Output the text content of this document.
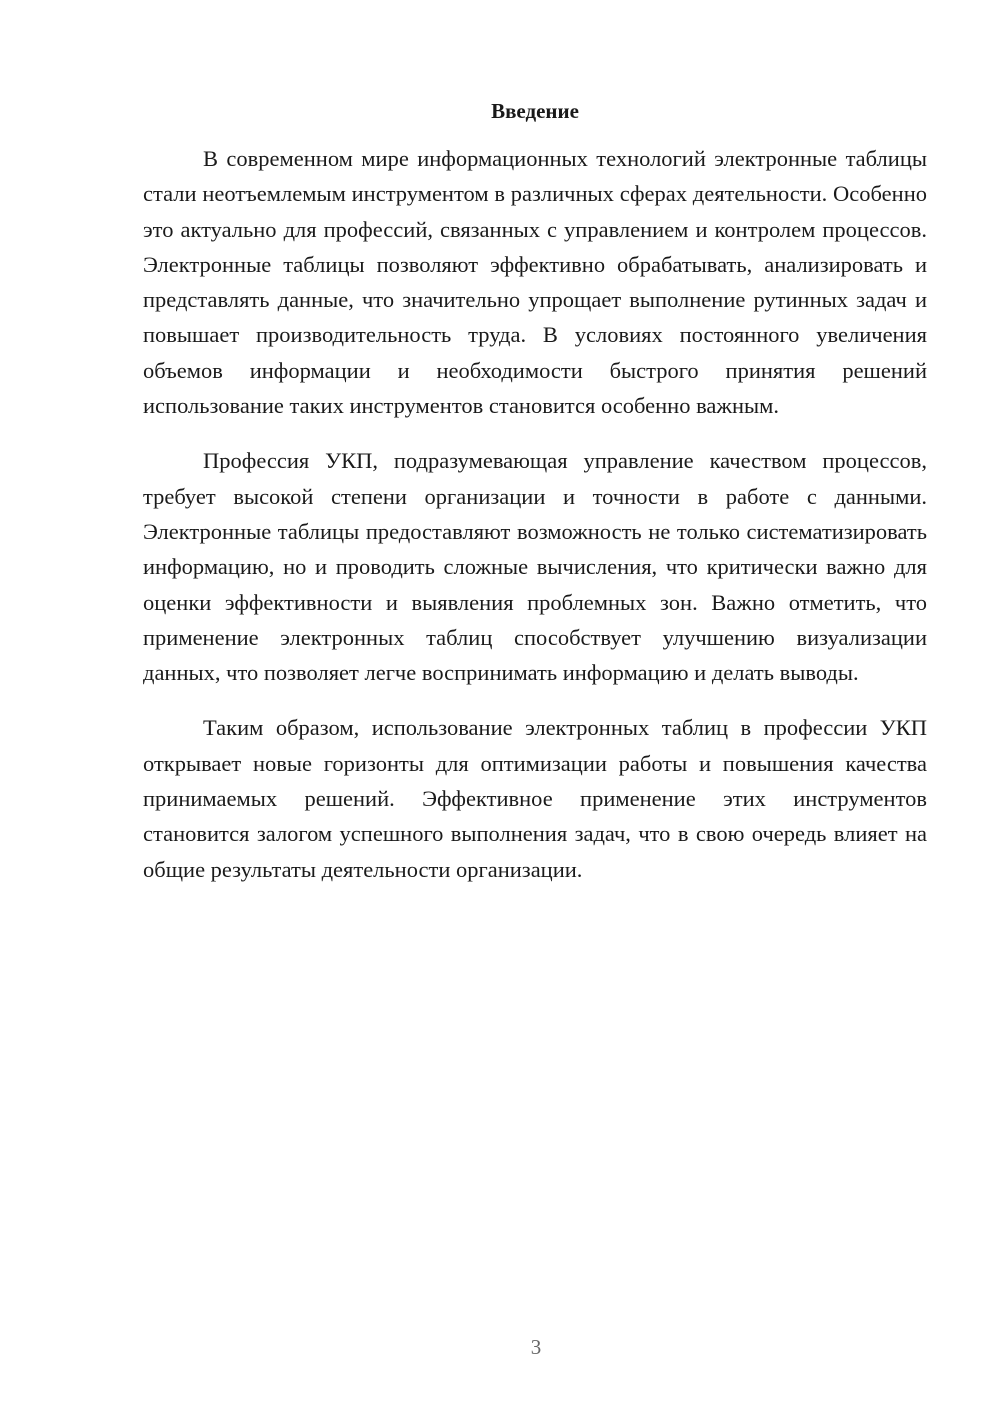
Введение

В современном мире информационных технологий электронные таблицы стали неотъемлемым инструментом в различных сферах деятельности. Особенно это актуально для профессий, связанных с управлением и контролем процессов. Электронные таблицы позволяют эффективно обрабатывать, анализировать и представлять данные, что значительно упрощает выполнение рутинных задач и повышает производительность труда. В условиях постоянного увеличения объемов информации и необходимости быстрого принятия решений использование таких инструментов становится особенно важным.

Профессия УКП, подразумевающая управление качеством процессов, требует высокой степени организации и точности в работе с данными. Электронные таблицы предоставляют возможность не только систематизировать информацию, но и проводить сложные вычисления, что критически важно для оценки эффективности и выявления проблемных зон. Важно отметить, что применение электронных таблиц способствует улучшению визуализации данных, что позволяет легче воспринимать информацию и делать выводы.

Таким образом, использование электронных таблиц в профессии УКП открывает новые горизонты для оптимизации работы и повышения качества принимаемых решений. Эффективное применение этих инструментов становится залогом успешного выполнения задач, что в свою очередь влияет на общие результаты деятельности организации.

3
